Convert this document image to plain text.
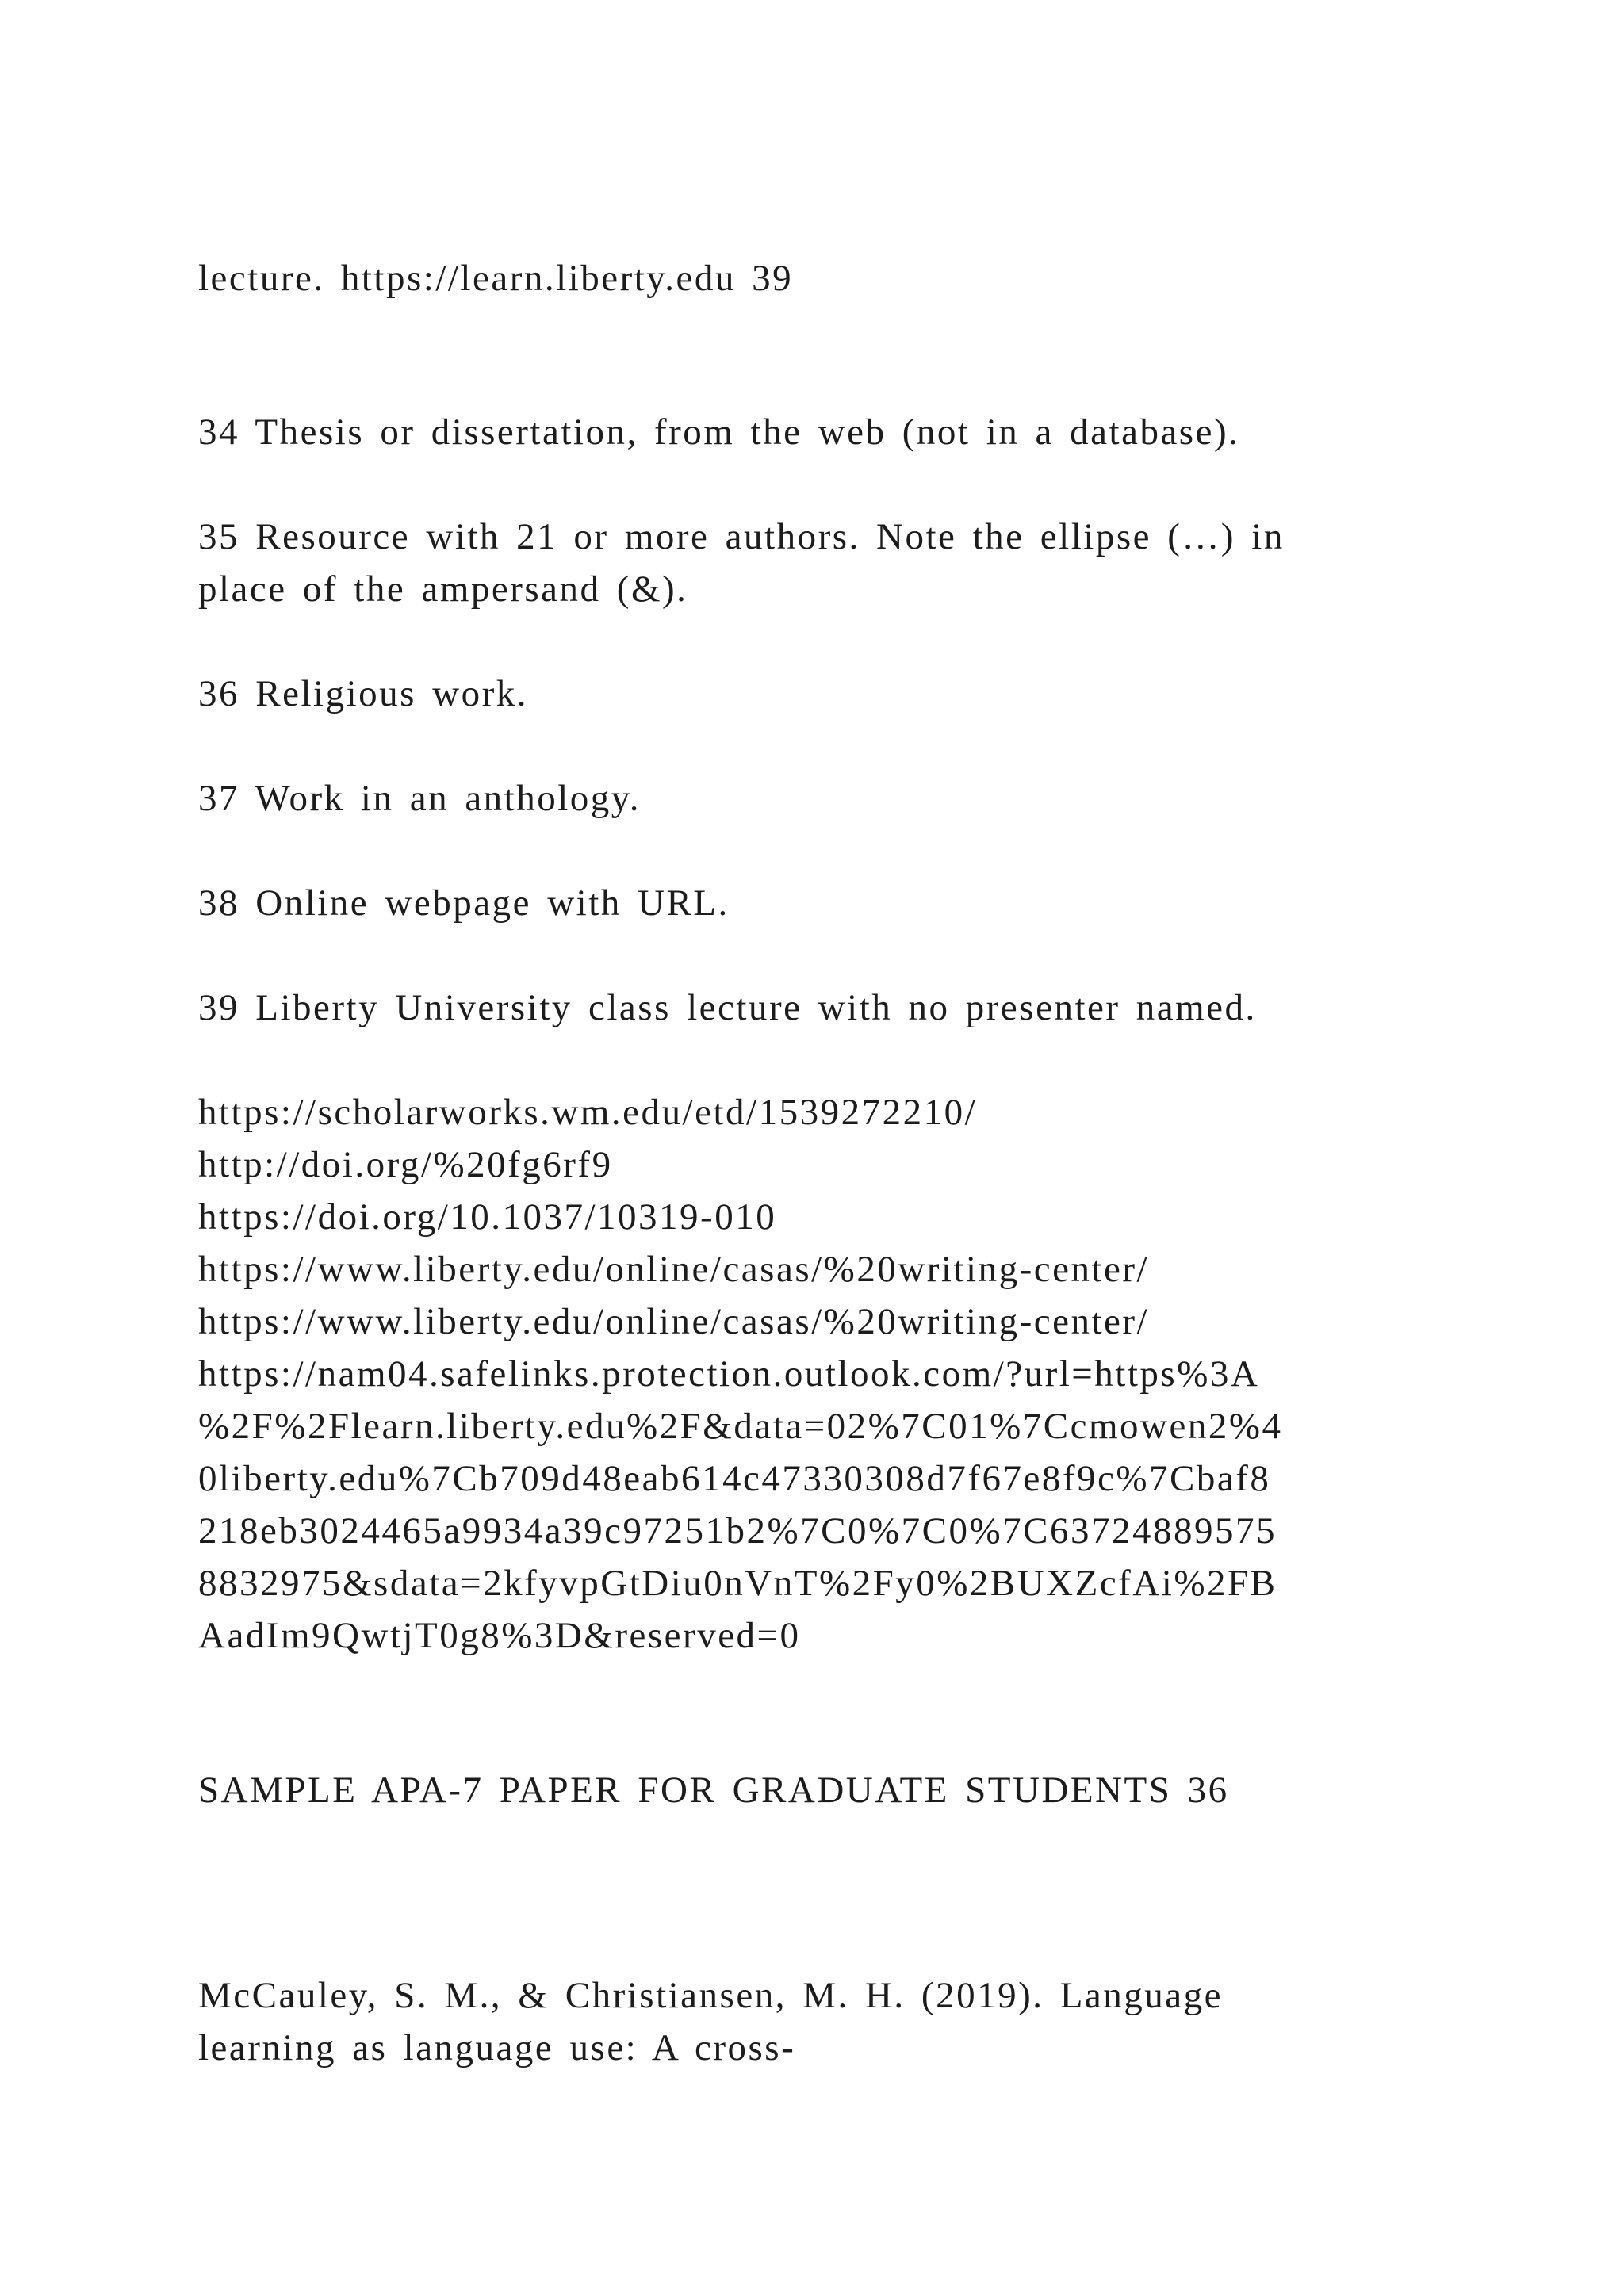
lecture. https://learn.liberty.edu 39
34 Thesis or dissertation, from the web (not in a database).
35 Resource with 21 or more authors. Note the ellipse (…) in
place of the ampersand (&).
36 Religious work.
37 Work in an anthology.
38 Online webpage with URL.
39 Liberty University class lecture with no presenter named.
https://scholarworks.wm.edu/etd/1539272210/
http://doi.org/%20fg6rf9
https://doi.org/10.1037/10319-010
https://www.liberty.edu/online/casas/%20writing-center/
https://www.liberty.edu/online/casas/%20writing-center/
https://nam04.safelinks.protection.outlook.com/?url=https%3A
%2F%2Flearn.liberty.edu%2F&data=02%7C01%7Ccmowen2%4
0liberty.edu%7Cb709d48eab614c47330308d7f67e8f9c%7Cbaf8
218eb3024465a9934a39c97251b2%7C0%7C0%7C63724889575
8832975&sdata=2kfyvpGtDiu0nVnT%2Fy0%2BUXZcfAi%2FB
AadIm9QwtjT0g8%3D&reserved=0
SAMPLE APA-7 PAPER FOR GRADUATE STUDENTS 36
McCauley, S. M., & Christiansen, M. H. (2019). Language
learning as language use: A cross-
